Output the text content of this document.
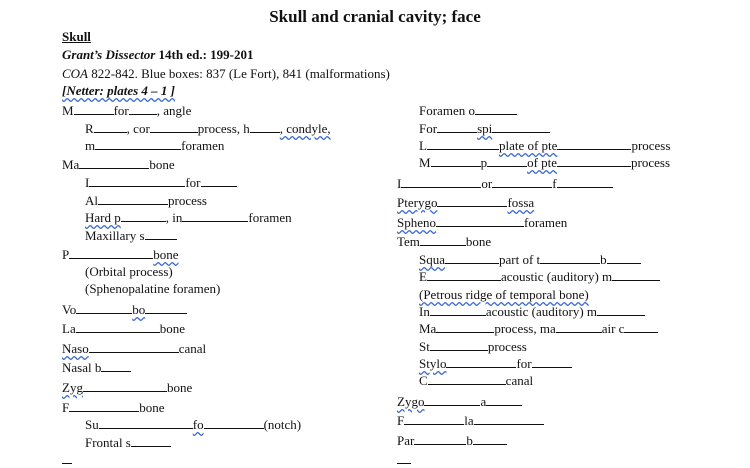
Skull and cranial cavity; face
Skull
Grant’s Dissector 14th ed.: 199-201
COA 822-842. Blue boxes: 837 (Le Fort), 841 (malformations)
[Netter: plates 4 – 1 ]
M	for , angle
R	, cor	process, h , condyle,
m	foramen
Ma	bone
I	for
Al	process
Hard p	, in	foramen
Maxillary s
P	bone
(Orbital process)
(Sphenopalatine foramen)
Vo	bo
La	bone
Naso	canal
Nasal b
Zyg	bone
F	bone
Su	fo	(notch)
Frontal s
Foramen o
For	spi
L	plate of pte	process
M	p	of pte	process
I	or	f
Pterygo	fossa
Spheno	foramen
Tem	bone
Squa	part of t	b
E	acoustic (auditory) m
(Petrous ridge of temporal bone)
In	acoustic (auditory) m
Ma	process, ma	air c
St	process
Stylo	for
C	canal
Zygo	a
F	la
Par	b
